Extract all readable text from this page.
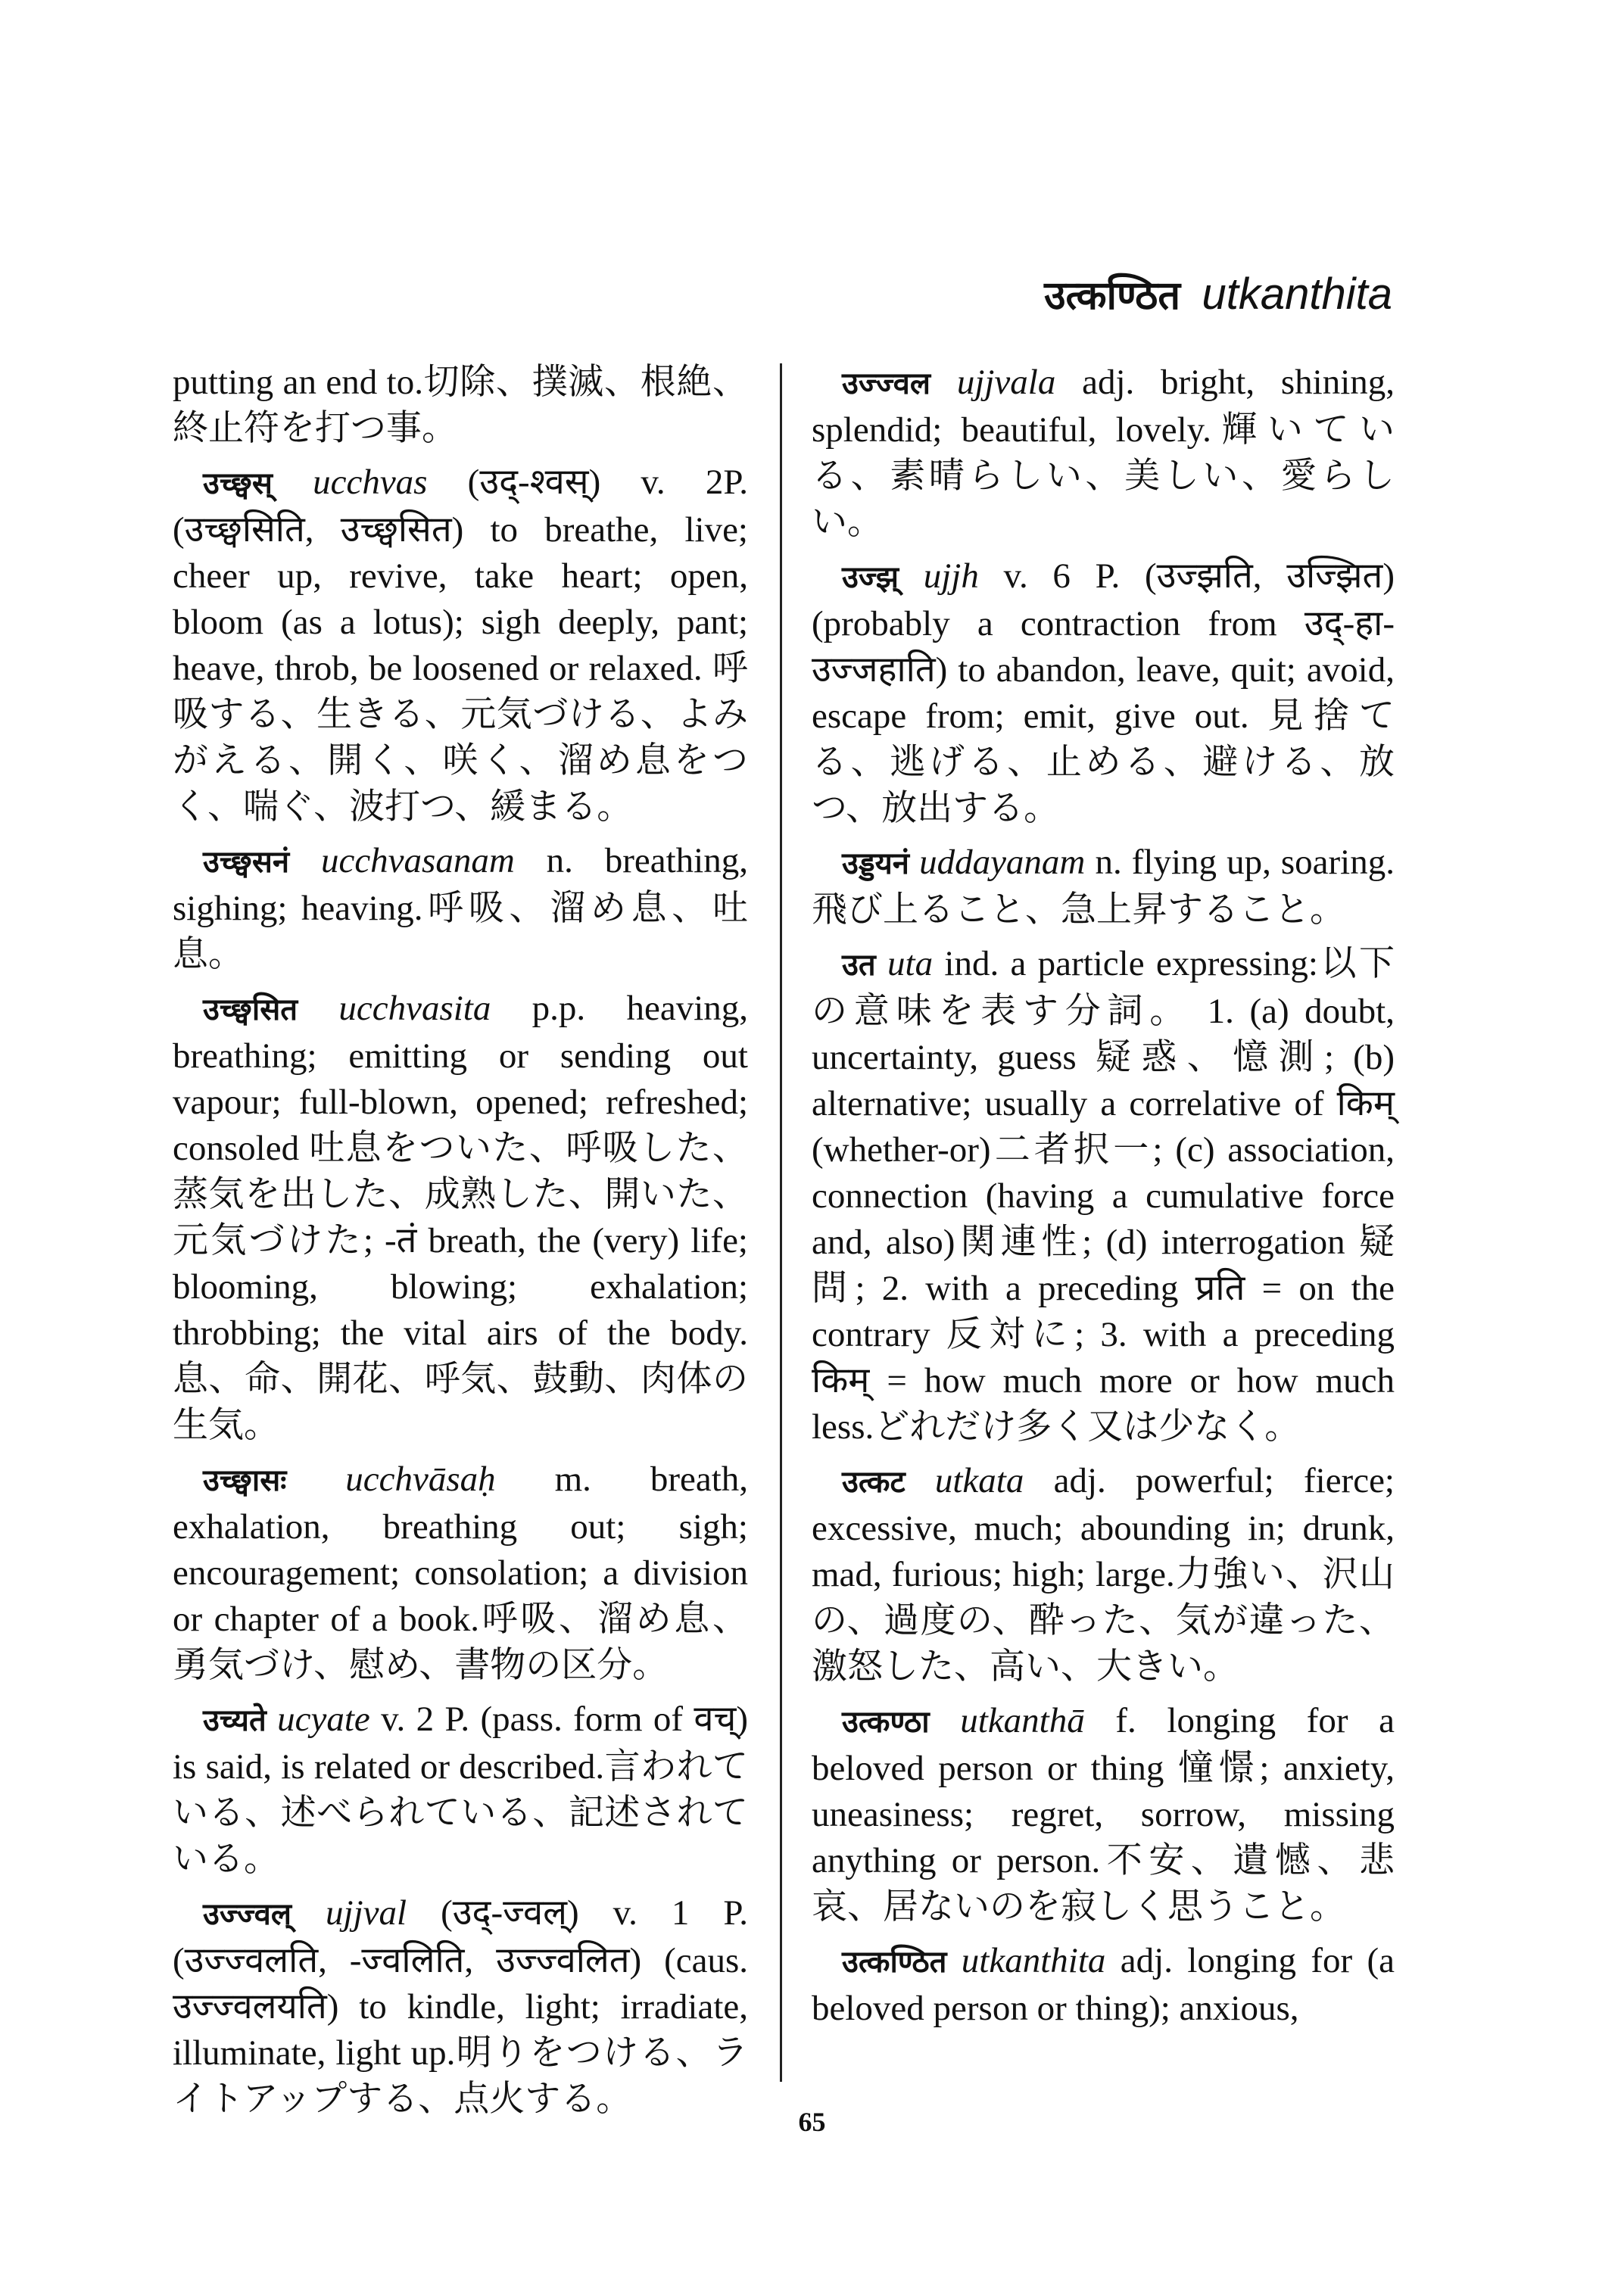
उत्कण्ठित utkanthita

putting an end to.切除、撲滅、根絶、終止符を打つ事。

उच्छ्वस् ucchvas (उद्-श्वस्) v. 2P. (उच्छ्वसिति, उच्छ्वसित) to breathe, live; cheer up, revive, take heart; open, bloom (as a lotus); sigh deeply, pant; heave, throb, be loosened or relaxed. 呼吸する、生きる、元気づける、よみがえる、開く、咲く、溜め息をつく、喘ぐ、波打つ、緩まる。

उच्छ्वसनं ucchvasanam n. breathing, sighing; heaving.呼吸、溜め息、吐息。

उच्छ्वसित ucchvasita p.p. heaving, breathing; emitting or sending out vapour; full-blown, opened; refreshed; consoled 吐息をついた、呼吸した、蒸気を出した、成熟した、開いた、元気づけた; -तं breath, the (very) life; blooming, blowing; exhalation; throbbing; the vital airs of the body.息、命、開花、呼気、鼓動、肉体の生気。

उच्छ्वासः ucchvāsaḥ m. breath, exhalation, breathing out; sigh; encouragement; consolation; a division or chapter of a book.呼吸、溜め息、勇気づけ、慰め、書物の区分。

उच्यते ucyate v. 2 P. (pass. form of वच्) is said, is related or described.言われている、述べられている、記述されている。

उज्ज्वल् ujjval (उद्-ज्वल्) v. 1 P. (उज्ज्वलति, -ज्वलिति, उज्ज्वलित) (caus. उज्ज्वलयति) to kindle, light; irradiate, illuminate, light up.明りをつける、ライトアップする、点火する。

उज्ज्वल ujjvala adj. bright, shining, splendid; beautiful, lovely.輝いている、素晴らしい、美しい、愛らしい。

उज्झ् ujjh v. 6 P. (उज्झति, उज्झित) (probably a contraction from उद्-हा- उज्जहाति) to abandon, leave, quit; avoid, escape from; emit, give out. 見捨てる、逃げる、止める、避ける、放つ、放出する。

उड्डयनं uddayanam n. flying up, soaring.飛び上ること、急上昇すること。

उत uta ind. a particle expressing:以下の意味を表す分詞。 1. (a) doubt, uncertainty, guess 疑惑、憶測; (b) alternative; usually a correlative of किम् (whether-or)二者択一; (c) association, connection (having a cumulative force and, also)関連性; (d) interrogation 疑問; 2. with a preceding प्रति = on the contrary 反対に; 3. with a preceding किम् = how much more or how much less.どれだけ多く又は少なく。

उत्कट utkata adj. powerful; fierce; excessive, much; abounding in; drunk, mad, furious; high; large.力強い、沢山の、過度の、酔った、気が違った、激怒した、高い、大きい。

उत्कण्ठा utkanthā f. longing for a beloved person or thing 憧憬; anxiety, uneasiness; regret, sorrow, missing anything or person.不安、遺憾、悲哀、居ないのを寂しく思うこと。

उत्कण्ठित utkanthita adj. longing for (a beloved person or thing); anxious,

65
